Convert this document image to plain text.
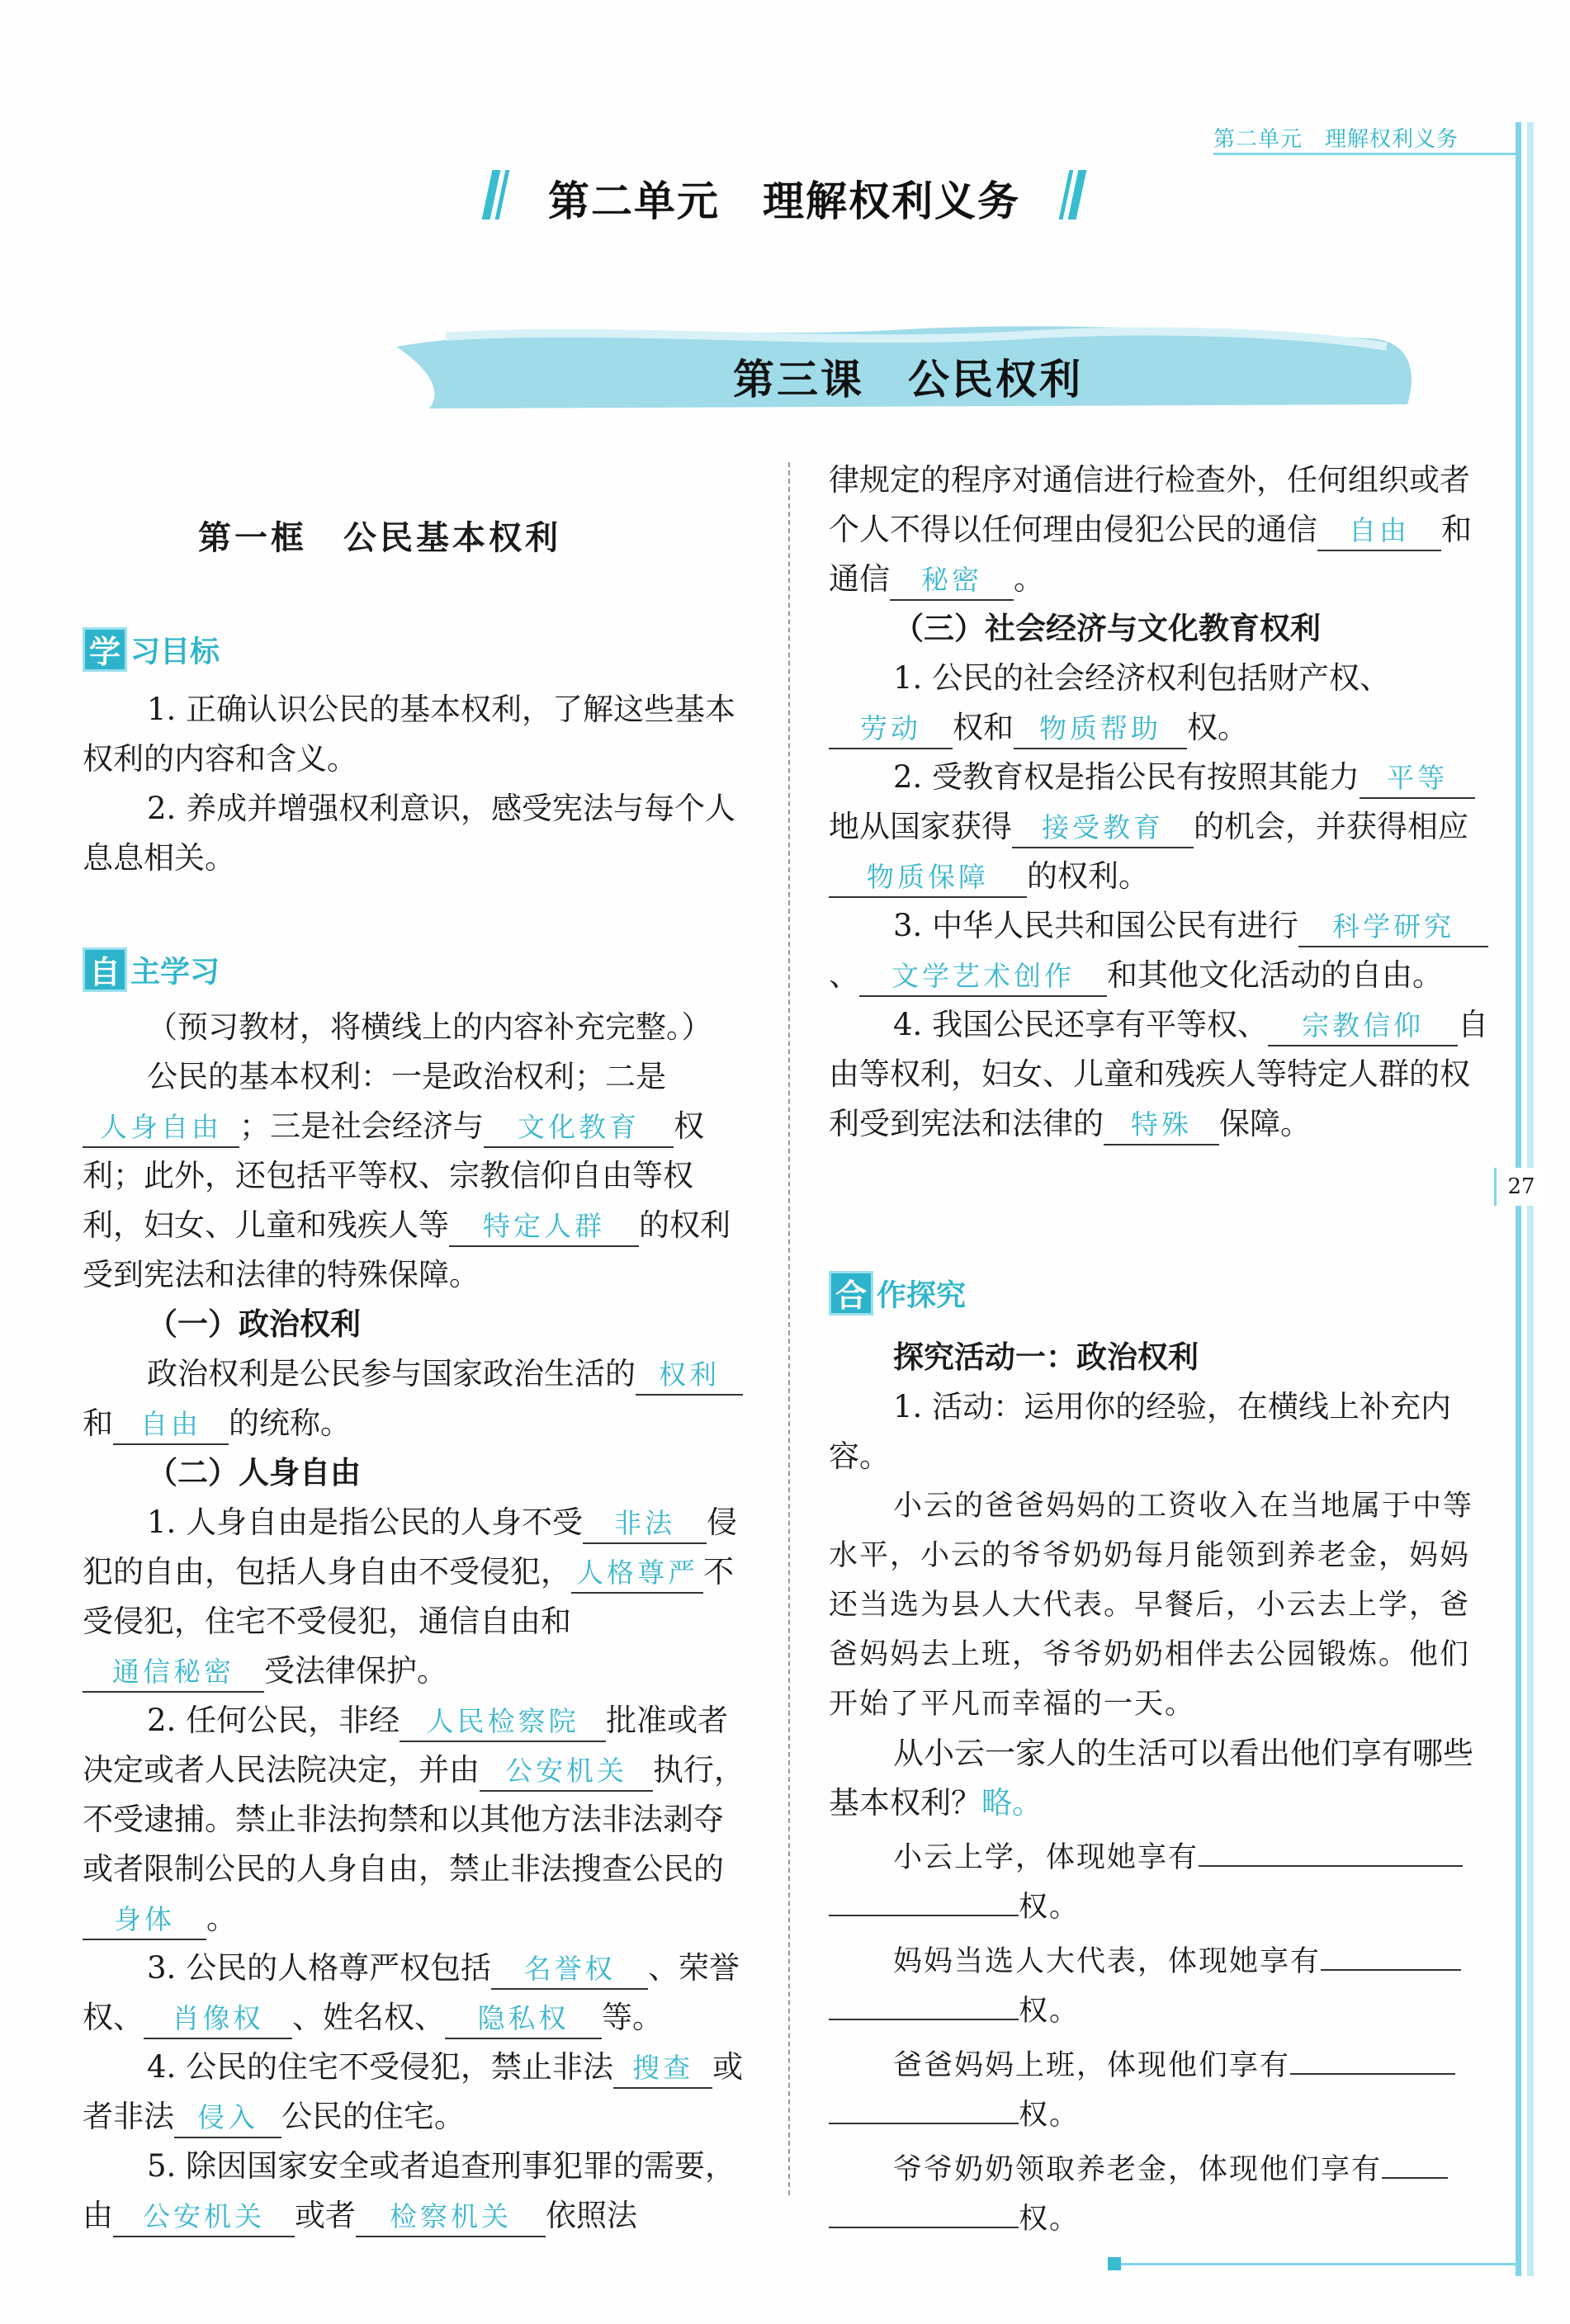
第二单元　理解权利义务
27
第二单元　理解权利义务
第三课　公民权利
第一框　公民基本权利
学 习目标

1. 正确认识公民的基本权利，了解这些基本权利的内容和含义。

2. 养成并增强权利意识，感受宪法与每个人息息相关。

自 主学习

（预习教材，将横线上的内容补充完整。）

公民的基本权利：一是政治权利；二是人身自由 ；三是社会经济与 文化教育 权利；此外，还包括平等权、宗教信仰自由等权利，妇女、儿童和残疾人等 特定人群 的权利受到宪法和法律的特殊保障。

（一）政治权利

政治权利是公民参与国家政治生活的 权利和 自由 的统称。

（二）人身自由

1. 人身自由是指公民的人身不受 非法 侵犯的自由，包括人身自由不受侵犯， 人格尊严 不受侵犯，住宅不受侵犯，通信自由和通信秘密 受法律保护。

2. 任何公民，非经 人民检察院 批准或者决定或者人民法院决定，并由 公安机关 执行，不受逮捕。禁止非法拘禁和以其他方法非法剥夺或者限制公民的人身自由，禁止非法搜查公民的身体 。

3. 公民的人格尊严权包括 名誉权 、荣誉权、 肖像权 、姓名权、 隐私权 等。

4. 公民的住宅不受侵犯，禁止非法 搜查 或者非法 侵入 公民的住宅。

5. 除因国家安全或者追查刑事犯罪的需要，由 公安机关 或者 检察机关 依照法

律规定的程序对通信进行检查外，任何组织或者个人不得以任何理由侵犯公民的通信 自由 和通信 秘密 。

（三）社会经济与文化教育权利

1. 公民的社会经济权利包括财产权、劳动 权和 物质帮助 权。

2. 受教育权是指公民有按照其能力 平等地从国家获得 接受教育 的机会，并获得相应物质保障 的权利。

3. 中华人民共和国公民有进行 科学研究、 文学艺术创作 和其他文化活动的自由。

4. 我国公民还享有平等权、 宗教信仰 自由等权利，妇女、儿童和残疾人等特定人群的权利受到宪法和法律的 特殊 保障。

合 作探究

探究活动一：政治权利

1. 活动：运用你的经验，在横线上补充内容。

小云的爸爸妈妈的工资收入在当地属于中等水平，小云的爷爷奶奶每月能领到养老金，妈妈还当选为县人大代表。早餐后，小云去上学，爸爸妈妈去上班，爷爷奶奶相伴去公园锻炼。他们开始了平凡而幸福的一天。

从小云一家人的生活可以看出他们享有哪些基本权利？略。

小云上学，体现她享有

权。

妈妈当选人大代表，体现她享有

权。

爸爸妈妈上班，体现他们享有

权。

爷爷奶奶领取养老金，体现他们享有

权。
